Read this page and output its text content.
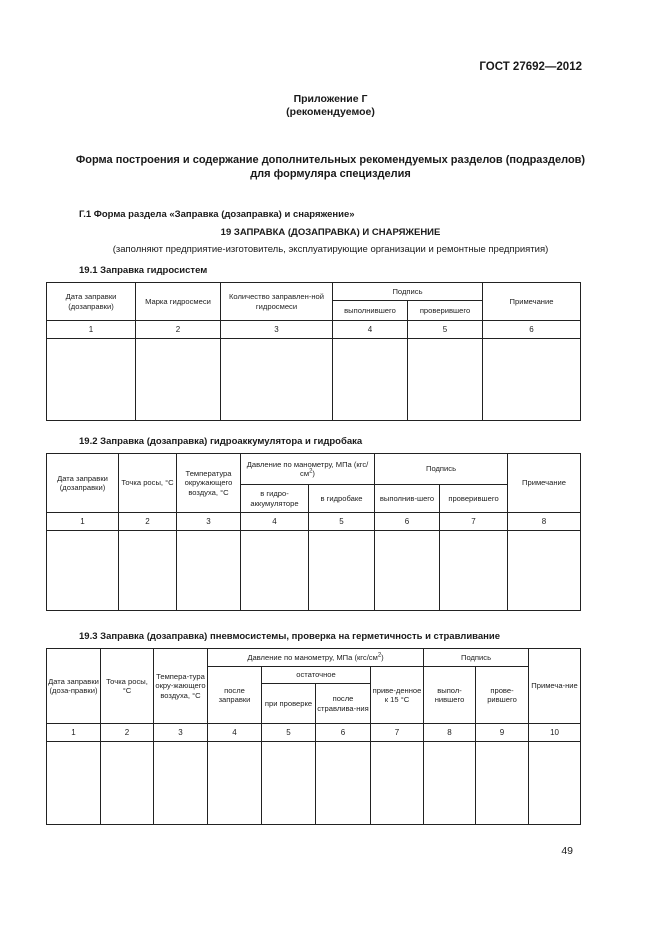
ГОСТ 27692—2012
Приложение Г
(рекомендуемое)
Форма построения и содержание дополнительных рекомендуемых разделов (подразделов)
для формуляра специзделия
Г.1 Форма раздела «Заправка (дозаправка) и снаряжение»
19 ЗАПРАВКА (ДОЗАПРАВКА) И СНАРЯЖЕНИЕ
(заполняют предприятие-изготовитель, эксплуатирующие организации и ремонтные предприятия)
19.1 Заправка гидросистем
Дата заправки (дозаправки)	Марка гидросмеси	Количество заправлен-ной гидросмеси	Подпись		Примечание
			выполнившего	проверившего	
1	2	3	4	5	6

19.2 Заправка (дозаправка) гидроаккумулятора и гидробака
Дата заправки (дозаправки)	Точка росы, °С	Температура окружающего воздуха, °С	Давление по манометру, МПа $(кгс/см^2)$		Подпись		Примечание
			в гидро-аккумуляторе	в гидробаке	выполнив-шего	проверившего	
1	2	3	4	5	6	7	8

19.3 Заправка (дозаправка) пневмосистемы, проверка на герметичность и стравливание
Дата заправки (доза-правки)	Точка росы, °С	Темпера-тура окру-жающего воздуха, °С	Давление по манометру, МПа $(кгс/см^2)$				Подпись		Примеча-ние
			после заправки	остаточное		приве-денное к 15 °С	выпол-нившего	прове-рившего	
				при проверке	после стравлива-ния				
1	2	3	4	5	6	7	8	9	10

49
